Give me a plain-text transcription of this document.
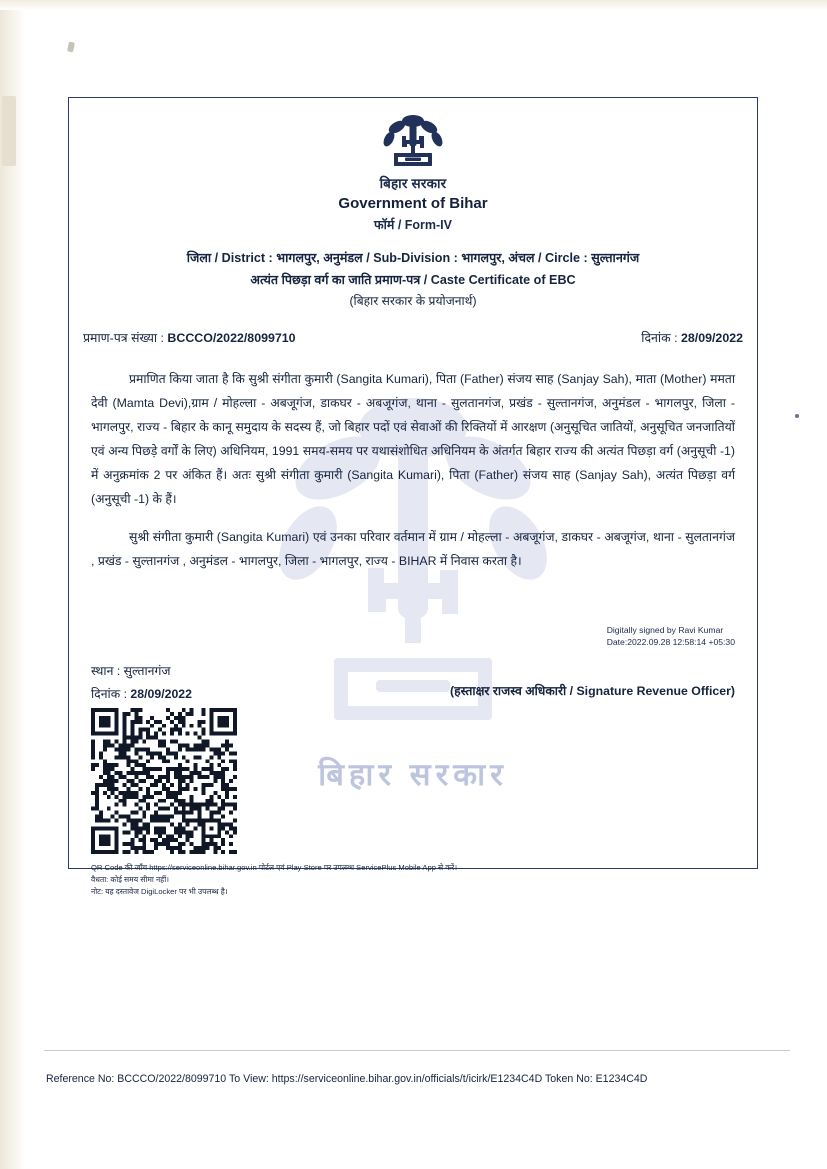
बिहार सरकार
बिहार सरकार
Government of Bihar
फॉर्म / Form-IV
जिला / District : भागलपुर, अनुमंडल / Sub-Division : भागलपुर, अंचल / Circle : सुल्तानगंज
अत्यंत पिछड़ा वर्ग का जाति प्रमाण-पत्र / Caste Certificate of EBC
(बिहार सरकार के प्रयोजनार्थ)
प्रमाण-पत्र संख्या : BCCCO/2022/8099710	दिनांक : 28/09/2022

प्रमाणित किया जाता है कि सुश्री संगीता कुमारी (Sangita Kumari), पिता (Father) संजय साह (Sanjay Sah), माता (Mother) ममता देवी (Mamta Devi),ग्राम / मोहल्ला - अबजूगंज, डाकघर - अबजूगंज, थाना - सुलतानगंज, प्रखंड - सुल्तानगंज, अनुमंडल - भागलपुर, जिला - भागलपुर, राज्य - बिहार के कानू समुदाय के सदस्य हैं, जो बिहार पदों एवं सेवाओं की रिक्तियों में आरक्षण (अनुसूचित जातियों, अनुसूचित जनजातियों एवं अन्य पिछड़े वर्गों के लिए) अधिनियम, 1991 समय-समय पर यथासंशोधित अधिनियम के अंतर्गत बिहार राज्य की अत्यंत पिछड़ा वर्ग (अनुसूची -1) में अनुक्रमांक 2 पर अंकित हैं। अतः सुश्री संगीता कुमारी (Sangita Kumari), पिता (Father) संजय साह (Sanjay Sah), अत्यंत पिछड़ा वर्ग (अनुसूची -1) के हैं।

सुश्री संगीता कुमारी (Sangita Kumari) एवं उनका परिवार वर्तमान में ग्राम / मोहल्ला - अबजूगंज, डाकघर - अबजूगंज, थाना - सुलतानगंज , प्रखंड - सुल्तानगंज , अनुमंडल - भागलपुर, जिला - भागलपुर, राज्य - BIHAR में निवास करता है।

Digitally signed by Ravi Kumar
Date:2022.09.28 12:58:14 +05:30
स्थान : सुल्तानगंज
दिनांक : 28/09/2022	(हस्ताक्षर राजस्व अधिकारी / Signature Revenue Officer)
QR Code की जाँच https://serviceonline.bihar.gov.in पोर्टल एवं Play Store पर उपलब्ध ServicePlus Mobile App से करें।
वैधता: कोई समय सीमा नहीं।
नोट: यह दस्तावेज DigiLocker पर भी उपलब्ध है।
Reference No: BCCCO/2022/8099710 To View: https://serviceonline.bihar.gov.in/officials/t/icirk/E1234C4D Token No: E1234C4D
